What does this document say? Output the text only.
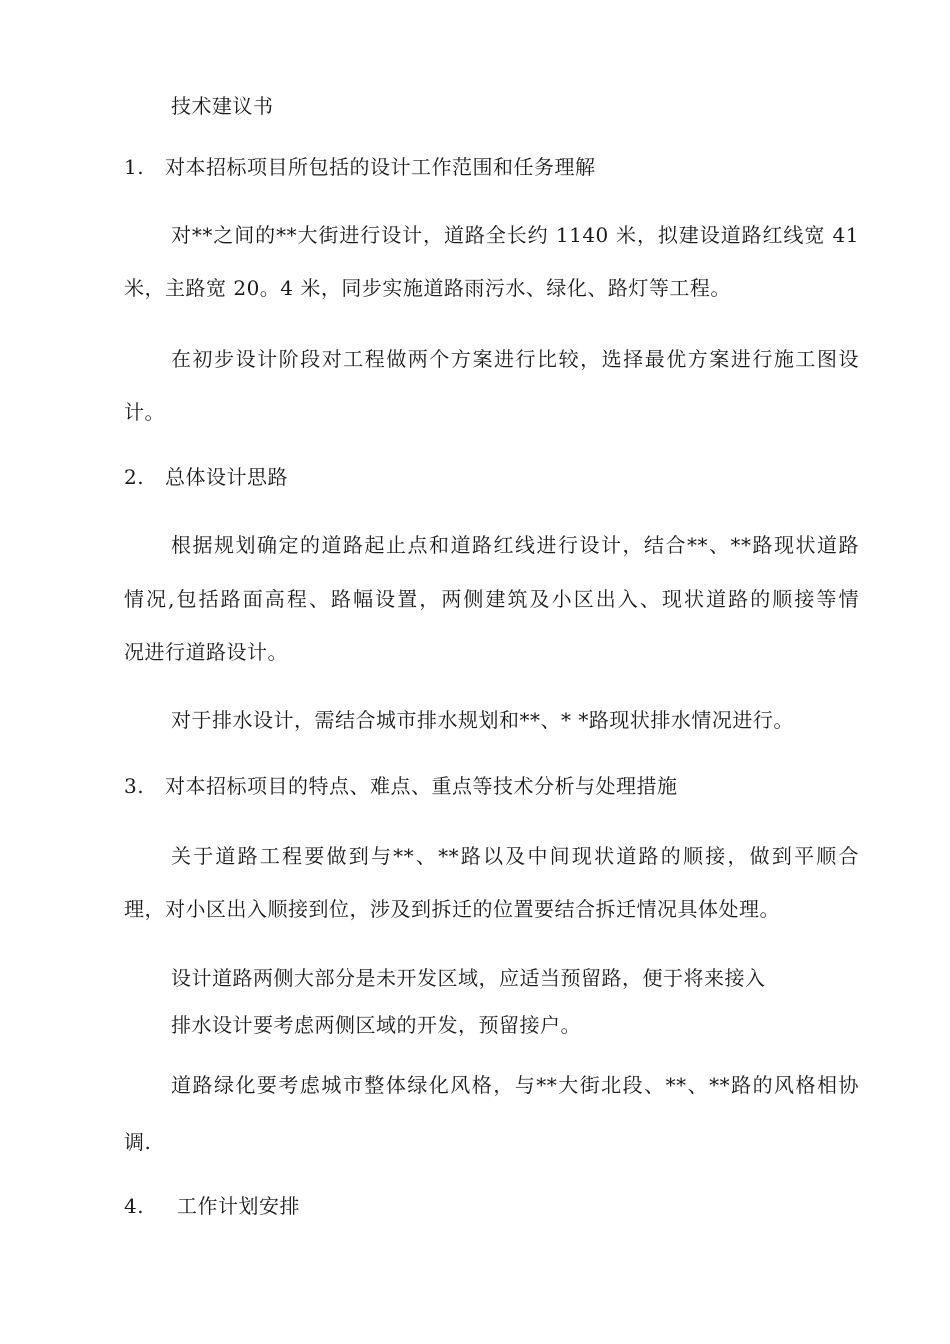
技术建议书
1. 对本招标项目所包括的设计工作范围和任务理解
对**之间的**大街进行设计，道路全长约 1140 米，拟建设道路红线宽 41
米，主路宽 20。4 米，同步实施道路雨污水、绿化、路灯等工程。
在初步设计阶段对工程做两个方案进行比较，选择最优方案进行施工图设
计。
2. 总体设计思路
根据规划确定的道路起止点和道路红线进行设计，结合**、**路现状道路
情况,包括路面高程、路幅设置，两侧建筑及小区出入、现状道路的顺接等情
况进行道路设计。
对于排水设计，需结合城市排水规划和**、* *路现状排水情况进行。
3. 对本招标项目的特点、难点、重点等技术分析与处理措施
关于道路工程要做到与**、**路以及中间现状道路的顺接，做到平顺合
理，对小区出入顺接到位，涉及到拆迁的位置要结合拆迁情况具体处理。
设计道路两侧大部分是未开发区域，应适当预留路，便于将来接入
排水设计要考虑两侧区域的开发，预留接户。
道路绿化要考虑城市整体绿化风格，与**大街北段、**、**路的风格相协
调.
4. 工作计划安排
